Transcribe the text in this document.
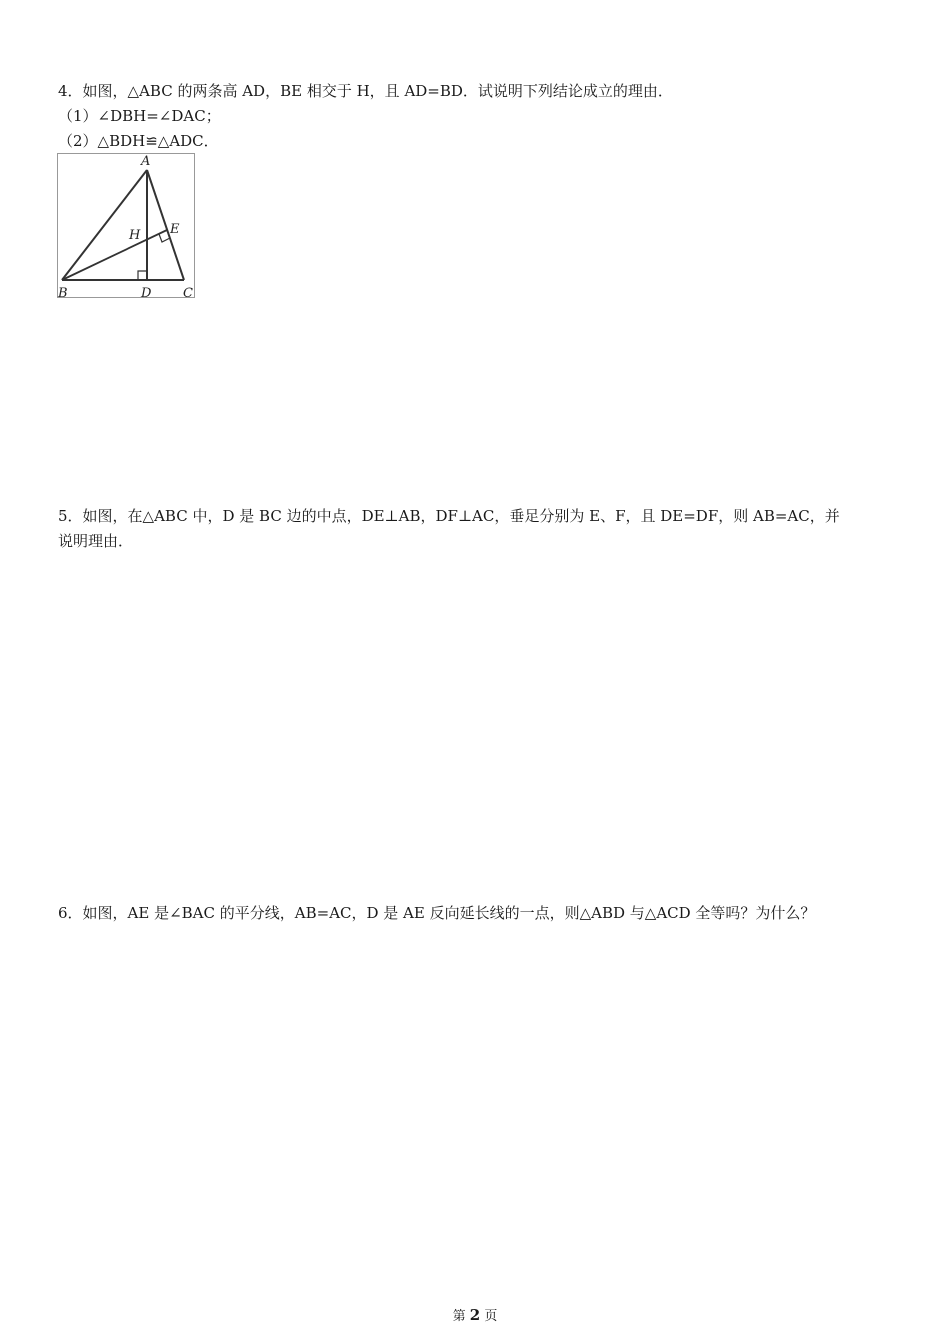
4．如图，△ABC 的两条高 AD，BE 相交于 H，且 AD=BD．试说明下列结论成立的理由．
（1）∠DBH=∠DAC；
（2）△BDH≌△ADC．
A
H E
B	D C
5．如图，在△ABC 中，D 是 BC 边的中点，DE⊥AB，DF⊥AC，垂足分别为 E、F，且 DE=DF，则 AB=AC，并
说明理由．
6．如图，AE 是∠BAC 的平分线，AB=AC，D 是 AE 反向延长线的一点，则△ABD 与△ACD 全等吗？为什么？
第 2 页
